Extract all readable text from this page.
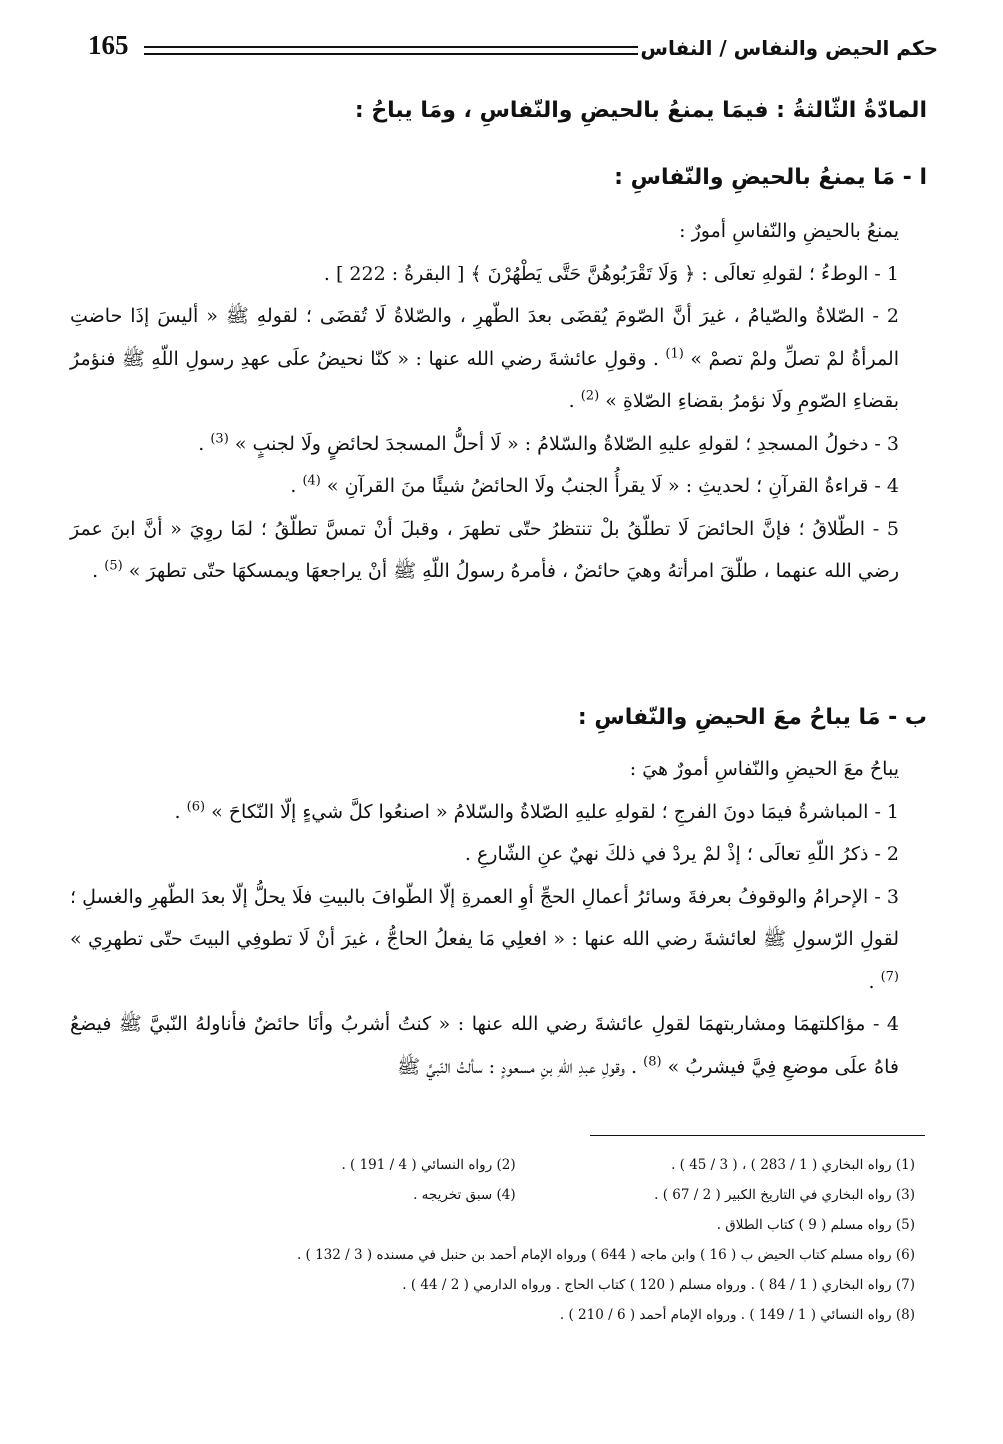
165	حكم الحيض والنفاس / النفاس
المادّةُ الثّالثةُ : فيمَا يمنعُ بالحيضِ والنّفاسِ ، ومَا يباحُ :
ا - مَا يمنعُ بالحيضِ والنّفاسِ :

يمنعُ بالحيضِ والنّفاسِ أمورٌ :

1 - الوطءُ ؛ لقولهِ تعالَى : ﴿ وَلَا تَقْرَبُوهُنَّ حَتَّى يَطْهُرْنَ ﴾ [ البقرةُ : 222 ] .

2 - الصّلاةُ والصّيامُ ، غيرَ أنَّ الصّومَ يُقضَى بعدَ الطّهرِ ، والصّلاةُ لَا تُقضَى ؛ لقولهِ ﷺ « أليسَ إذَا حاضتِ المرأةُ لمْ تصلِّ ولمْ تصمْ » $^{(1)}$ . وقولِ عائشةَ رضي الله عنها : « كنّا نحيضُ علَى عهدِ رسولِ اللّهِ ﷺ فنؤمرُ بقضاءِ الصّومِ ولَا نؤمرُ بقضاءِ الصّلاةِ » $^{(2)}$ .

3 - دخولُ المسجدِ ؛ لقولهِ عليهِ الصّلاةُ والسّلامُ : « لَا أحلُّ المسجدَ لحائضٍ ولَا لجنبٍ » $^{(3)}$ .

4 - قراءةُ القرآنِ ؛ لحديثِ : « لَا يقرأُ الجنبُ ولَا الحائضُ شيئًا منَ القرآنِ » $^{(4)}$ .

5 - الطّلاقُ ؛ فإنَّ الحائضَ لَا تطلّقُ بلْ تنتظرُ حتّى تطهرَ ، وقبلَ أنْ تمسَّ تطلّقُ ؛ لمَا روِيَ « أنَّ ابنَ عمرَ رضي الله عنهما ، طلّقَ امرأتهُ وهيَ حائضٌ ، فأمرهُ رسولُ اللّهِ ﷺ أنْ يراجعهَا ويمسكهَا حتّى تطهرَ » $^{(5)}$ .

ب - مَا يباحُ معَ الحيضِ والنّفاسِ :

يباحُ معَ الحيضِ والنّفاسِ أمورٌ هيَ :

1 - المباشرةُ فيمَا دونَ الفرجِ ؛ لقولهِ عليهِ الصّلاةُ والسّلامُ « اصنعُوا كلَّ شيءٍ إلّا النّكاحَ » $^{(6)}$ .

2 - ذكرُ اللّهِ تعالَى ؛ إذْ لمْ يردْ في ذلكَ نهيٌ عنِ الشّارعِ .

3 - الإحرامُ والوقوفُ بعرفةَ وسائرُ أعمالِ الحجِّ أوِ العمرةِ إلّا الطّوافَ بالبيتِ فلَا يحلُّ إلّا بعدَ الطّهرِ والغسلِ ؛ لقولِ الرّسولِ ﷺ لعائشةَ رضي الله عنها : « افعلِي مَا يفعلُ الحاجُّ ، غيرَ أنْ لَا تطوفِي البيتَ حتّى تطهرِي » $^{(7)}$ .

4 - مؤاكلتهمَا ومشاربتهمَا لقولِ عائشةَ رضي الله عنها : « كنتُ أشربُ وأنَا حائضٌ فأناولهُ النّبيَّ ﷺ فيضعُ فاهُ علَى موضعِ فِيَّ فيشربُ » $^{(8)}$ . وقولِ عبدِ اللّهِ بنِ مسعودٍ : سألتُ النّبيَّ ﷺ

(1) رواه البخاري ( 1 / 283 ) ، ( 3 / 45 ) .
(2) رواه النسائي ( 4 / 191 ) .
(3) رواه البخاري في التاريخ الكبير ( 2 / 67 ) .
(4) سبق تخريجه .
(5) رواه مسلم ( 9 ) كتاب الطلاق .
(6) رواه مسلم كتاب الحيض ب ( 16 ) وابن ماجه ( 644 ) ورواه الإمام أحمد بن حنبل في مسنده ( 3 / 132 ) .
(7) رواه البخاري ( 1 / 84 ) . ورواه مسلم ( 120 ) كتاب الحاج . ورواه الدارمي ( 2 / 44 ) .
(8) رواه النسائي ( 1 / 149 ) . ورواه الإمام أحمد ( 6 / 210 ) .
